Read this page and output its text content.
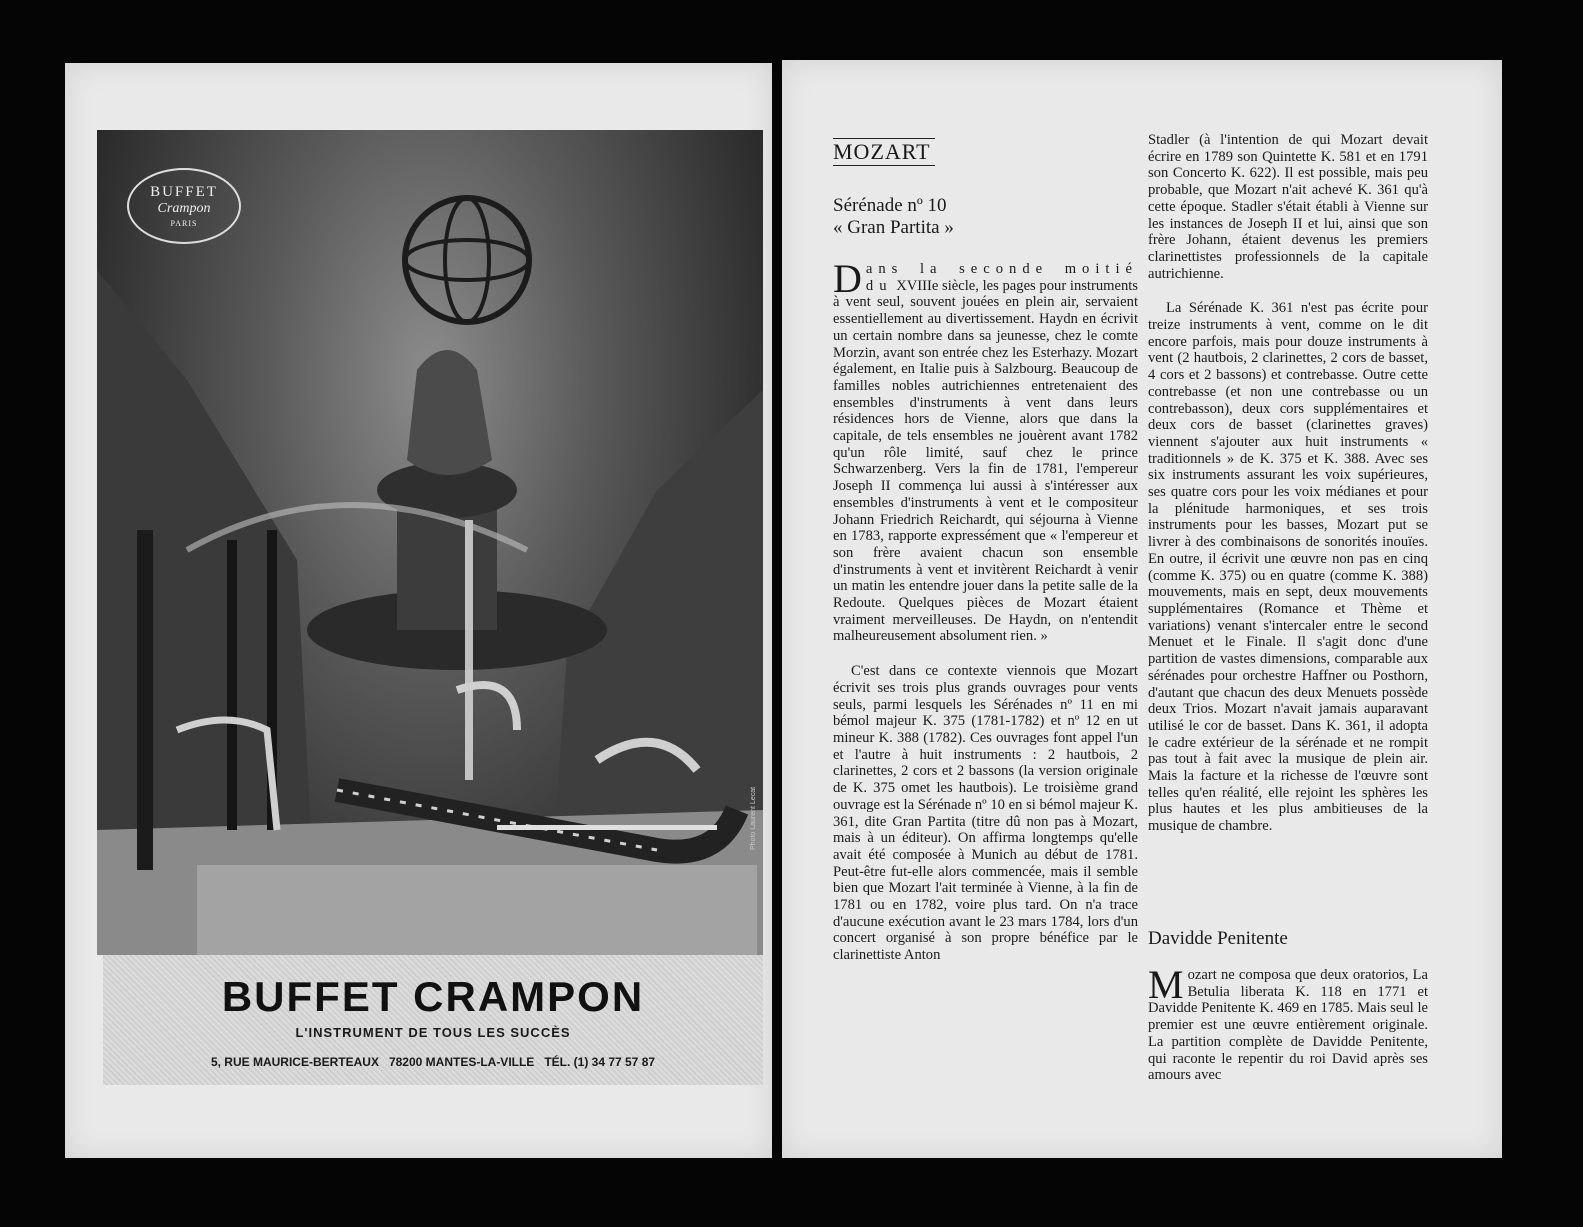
BUFFET
Crampon
PARIS
Photo Laurent Lecat
BUFFET CRAMPON
L'INSTRUMENT DE TOUS LES SUCCÈS
5, RUE MAURICE-BERTEAUX   78200 MANTES-LA-VILLE   TÉL. (1) 34 77 57 87
MOZART
Sérénade nº 10
« Gran Partita »

Dans la seconde moitié du XVIIIe siècle, les pages pour instruments à vent seul, souvent jouées en plein air, servaient essentiellement au divertissement. Haydn en écrivit un certain nombre dans sa jeunesse, chez le comte Morzin, avant son entrée chez les Esterhazy. Mozart également, en Italie puis à Salzbourg. Beaucoup de familles nobles autrichiennes entretenaient des ensembles d'instruments à vent dans leurs résidences hors de Vienne, alors que dans la capitale, de tels ensembles ne jouèrent avant 1782 qu'un rôle limité, sauf chez le prince Schwarzenberg. Vers la fin de 1781, l'empereur Joseph II commença lui aussi à s'intéresser aux ensembles d'instruments à vent et le compositeur Johann Friedrich Reichardt, qui séjourna à Vienne en 1783, rapporte expressément que « l'empereur et son frère avaient chacun son ensemble d'instruments à vent et invitèrent Reichardt à venir un matin les entendre jouer dans la petite salle de la Redoute. Quelques pièces de Mozart étaient vraiment merveilleuses. De Haydn, on n'entendit malheureusement absolument rien. »

C'est dans ce contexte viennois que Mozart écrivit ses trois plus grands ouvrages pour vents seuls, parmi lesquels les Sérénades nº 11 en mi bémol majeur K. 375 (1781-1782) et nº 12 en ut mineur K. 388 (1782). Ces ouvrages font appel l'un et l'autre à huit instruments : 2 hautbois, 2 clarinettes, 2 cors et 2 bassons (la version originale de K. 375 omet les hautbois). Le troisième grand ouvrage est la Sérénade nº 10 en si bémol majeur K. 361, dite Gran Partita (titre dû non pas à Mozart, mais à un éditeur). On affirma longtemps qu'elle avait été composée à Munich au début de 1781. Peut-être fut-elle alors commencée, mais il semble bien que Mozart l'ait terminée à Vienne, à la fin de 1781 ou en 1782, voire plus tard. On n'a trace d'aucune exécution avant le 23 mars 1784, lors d'un concert organisé à son propre bénéfice par le clarinettiste Anton

Stadler (à l'intention de qui Mozart devait écrire en 1789 son Quintette K. 581 et en 1791 son Concerto K. 622). Il est possible, mais peu probable, que Mozart n'ait achevé K. 361 qu'à cette époque. Stadler s'était établi à Vienne sur les instances de Joseph II et lui, ainsi que son frère Johann, étaient devenus les premiers clarinettistes professionnels de la capitale autrichienne.

La Sérénade K. 361 n'est pas écrite pour treize instruments à vent, comme on le dit encore parfois, mais pour douze instruments à vent (2 hautbois, 2 clarinettes, 2 cors de basset, 4 cors et 2 bassons) et contrebasse. Outre cette contrebasse (et non une contrebasse ou un contrebasson), deux cors supplémentaires et deux cors de basset (clarinettes graves) viennent s'ajouter aux huit instruments « traditionnels » de K. 375 et K. 388. Avec ses six instruments assurant les voix supérieures, ses quatre cors pour les voix médianes et pour la plénitude harmoniques, et ses trois instruments pour les basses, Mozart put se livrer à des combinaisons de sonorités inouïes. En outre, il écrivit une œuvre non pas en cinq (comme K. 375) ou en quatre (comme K. 388) mouvements, mais en sept, deux mouvements supplémentaires (Romance et Thème et variations) venant s'intercaler entre le second Menuet et le Finale. Il s'agit donc d'une partition de vastes dimensions, comparable aux sérénades pour orchestre Haffner ou Posthorn, d'autant que chacun des deux Menuets possède deux Trios. Mozart n'avait jamais auparavant utilisé le cor de basset. Dans K. 361, il adopta le cadre extérieur de la sérénade et ne rompit pas tout à fait avec la musique de plein air. Mais la facture et la richesse de l'œuvre sont telles qu'en réalité, elle rejoint les sphères les plus hautes et les plus ambitieuses de la musique de chambre.

Davidde Penitente

Mozart ne composa que deux oratorios, La Betulia liberata K. 118 en 1771 et Davidde Penitente K. 469 en 1785. Mais seul le premier est une œuvre entièrement originale. La partition complète de Davidde Penitente, qui raconte le repentir du roi David après ses amours avec
